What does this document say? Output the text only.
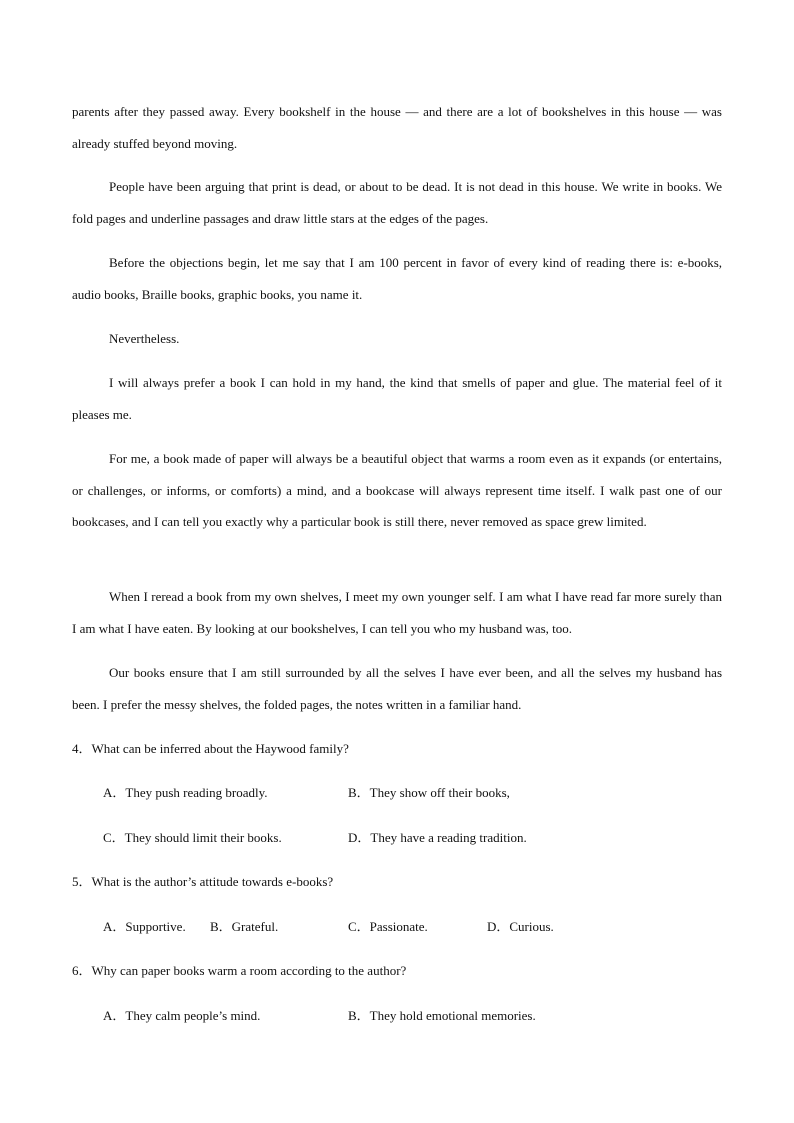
parents after they passed away. Every bookshelf in the house — and there are a lot of bookshelves in this house — was already stuffed beyond moving.

People have been arguing that print is dead, or about to be dead. It is not dead in this house. We write in books. We fold pages and underline passages and draw little stars at the edges of the pages.

Before the objections begin, let me say that I am 100 percent in favor of every kind of reading there is: e-books, audio books, Braille books, graphic books, you name it.

Nevertheless.

I will always prefer a book I can hold in my hand, the kind that smells of paper and glue. The material feel of it pleases me.

For me, a book made of paper will always be a beautiful object that warms a room even as it expands (or entertains, or challenges, or informs, or comforts) a mind, and a bookcase will always represent time itself. I walk past one of our bookcases, and I can tell you exactly why a particular book is still there, never removed as space grew limited.

When I reread a book from my own shelves, I meet my own younger self. I am what I have read far more surely than I am what I have eaten. By looking at our bookshelves, I can tell you who my husband was, too.

Our books ensure that I am still surrounded by all the selves I have ever been, and all the selves my husband has been. I prefer the messy shelves, the folded pages, the notes written in a familiar hand.

4．What can be inferred about the Haywood family?
A．They push reading broadly.	B．They show off their books,
C．They should limit their books.	D．They have a reading tradition.
5．What is the author’s attitude towards e-books?
A．Supportive. B．Grateful.	C．Passionate.	D．Curious.
6．Why can paper books warm a room according to the author?
A．They calm people’s mind.	B．They hold emotional memories.
